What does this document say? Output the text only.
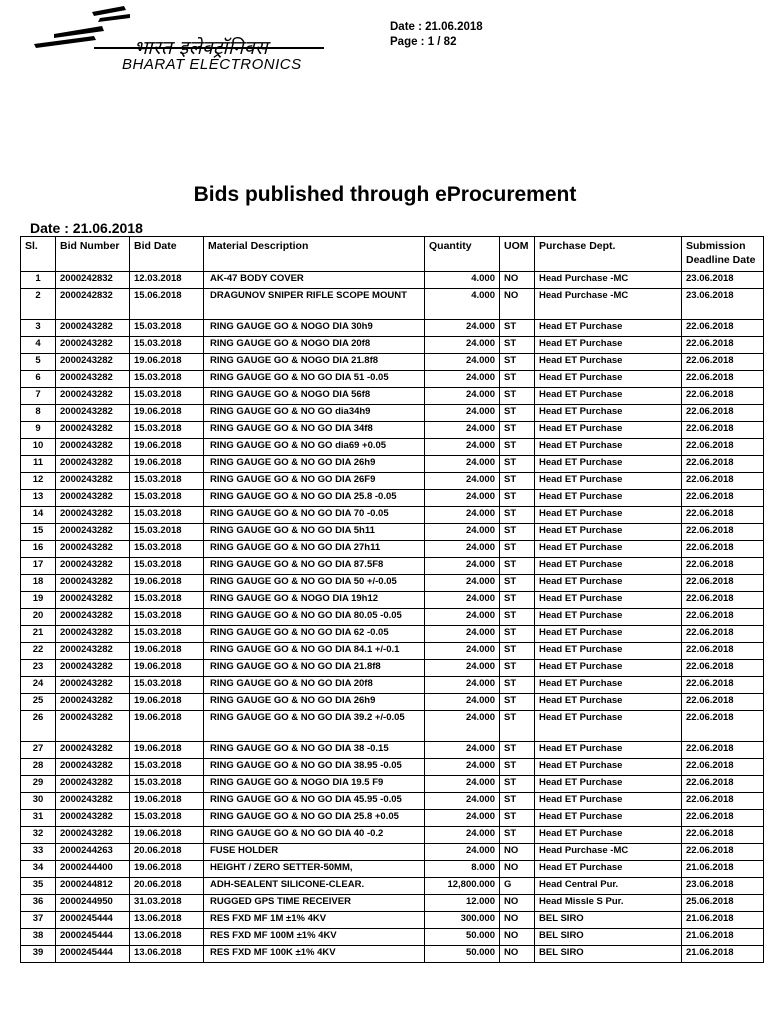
भारत इलेक्ट्रॉनिक्स
BHARAT ELECTRONICS
Date : 21.06.2018
Page : 1 / 82
Bids published through eProcurement
Date : 21.06.2018
Sl.	Bid Number	Bid Date	Material Description	Quantity	UOM	Purchase Dept.	Submission Deadline Date
1	2000242832	12.03.2018	AK-47 BODY COVER	4.000	NO	Head Purchase -MC	23.06.2018
2	2000242832	15.06.2018	DRAGUNOV SNIPER RIFLE SCOPE MOUNT	4.000	NO	Head Purchase -MC	23.06.2018
3	2000243282	15.03.2018	RING GAUGE GO & NOGO DIA 30h9	24.000	ST	Head ET Purchase	22.06.2018
4	2000243282	15.03.2018	RING GAUGE GO & NOGO DIA 20f8	24.000	ST	Head ET Purchase	22.06.2018
5	2000243282	19.06.2018	RING GAUGE GO & NOGO DIA 21.8f8	24.000	ST	Head ET Purchase	22.06.2018
6	2000243282	15.03.2018	RING GAUGE GO & NO GO DIA 51 -0.05	24.000	ST	Head ET Purchase	22.06.2018
7	2000243282	15.03.2018	RING GAUGE GO & NOGO DIA 56f8	24.000	ST	Head ET Purchase	22.06.2018
8	2000243282	19.06.2018	RING GAUGE GO & NO GO dia34h9	24.000	ST	Head ET Purchase	22.06.2018
9	2000243282	15.03.2018	RING GAUGE GO & NO GO DIA 34f8	24.000	ST	Head ET Purchase	22.06.2018
10	2000243282	19.06.2018	RING GAUGE GO & NO GO dia69 +0.05	24.000	ST	Head ET Purchase	22.06.2018
11	2000243282	19.06.2018	RING GAUGE GO & NO GO DIA 26h9	24.000	ST	Head ET Purchase	22.06.2018
12	2000243282	15.03.2018	RING GAUGE GO & NO GO DIA 26F9	24.000	ST	Head ET Purchase	22.06.2018
13	2000243282	15.03.2018	RING GAUGE GO & NO GO DIA 25.8 -0.05	24.000	ST	Head ET Purchase	22.06.2018
14	2000243282	15.03.2018	RING GAUGE GO & NO GO DIA 70 -0.05	24.000	ST	Head ET Purchase	22.06.2018
15	2000243282	15.03.2018	RING GAUGE GO & NO GO DIA 5h11	24.000	ST	Head ET Purchase	22.06.2018
16	2000243282	15.03.2018	RING GAUGE GO & NO GO DIA 27h11	24.000	ST	Head ET Purchase	22.06.2018
17	2000243282	15.03.2018	RING GAUGE GO & NO GO DIA 87.5F8	24.000	ST	Head ET Purchase	22.06.2018
18	2000243282	19.06.2018	RING GAUGE GO & NO GO DIA 50 +/-0.05	24.000	ST	Head ET Purchase	22.06.2018
19	2000243282	15.03.2018	RING GAUGE GO & NOGO DIA 19h12	24.000	ST	Head ET Purchase	22.06.2018
20	2000243282	15.03.2018	RING GAUGE GO & NO GO DIA 80.05 -0.05	24.000	ST	Head ET Purchase	22.06.2018
21	2000243282	15.03.2018	RING GAUGE GO & NO GO DIA 62 -0.05	24.000	ST	Head ET Purchase	22.06.2018
22	2000243282	19.06.2018	RING GAUGE GO & NO GO DIA 84.1 +/-0.1	24.000	ST	Head ET Purchase	22.06.2018
23	2000243282	19.06.2018	RING GAUGE GO & NO GO DIA 21.8f8	24.000	ST	Head ET Purchase	22.06.2018
24	2000243282	15.03.2018	RING GAUGE GO & NO GO DIA 20f8	24.000	ST	Head ET Purchase	22.06.2018
25	2000243282	19.06.2018	RING GAUGE GO & NO GO DIA 26h9	24.000	ST	Head ET Purchase	22.06.2018
26	2000243282	19.06.2018	RING GAUGE GO & NO GO DIA 39.2 +/-0.05	24.000	ST	Head ET Purchase	22.06.2018
27	2000243282	19.06.2018	RING GAUGE GO & NO GO DIA 38 -0.15	24.000	ST	Head ET Purchase	22.06.2018
28	2000243282	15.03.2018	RING GAUGE GO & NO GO DIA 38.95 -0.05	24.000	ST	Head ET Purchase	22.06.2018
29	2000243282	15.03.2018	RING GAUGE GO & NOGO DIA 19.5 F9	24.000	ST	Head ET Purchase	22.06.2018
30	2000243282	19.06.2018	RING GAUGE GO & NO GO DIA 45.95 -0.05	24.000	ST	Head ET Purchase	22.06.2018
31	2000243282	15.03.2018	RING GAUGE GO & NO GO DIA 25.8 +0.05	24.000	ST	Head ET Purchase	22.06.2018
32	2000243282	19.06.2018	RING GAUGE GO & NO GO DIA 40 -0.2	24.000	ST	Head ET Purchase	22.06.2018
33	2000244263	20.06.2018	FUSE HOLDER	24.000	NO	Head Purchase -MC	22.06.2018
34	2000244400	19.06.2018	HEIGHT / ZERO SETTER-50MM,	8.000	NO	Head ET Purchase	21.06.2018
35	2000244812	20.06.2018	ADH-SEALENT SILICONE-CLEAR.	12,800.000	G	Head Central Pur.	23.06.2018
36	2000244950	31.03.2018	RUGGED GPS TIME RECEIVER	12.000	NO	Head Missle S Pur.	25.06.2018
37	2000245444	13.06.2018	RES FXD MF 1M ±1% 4KV	300.000	NO	BEL SIRO	21.06.2018
38	2000245444	13.06.2018	RES FXD MF 100M ±1% 4KV	50.000	NO	BEL SIRO	21.06.2018
39	2000245444	13.06.2018	RES FXD MF 100K ±1% 4KV	50.000	NO	BEL SIRO	21.06.2018
